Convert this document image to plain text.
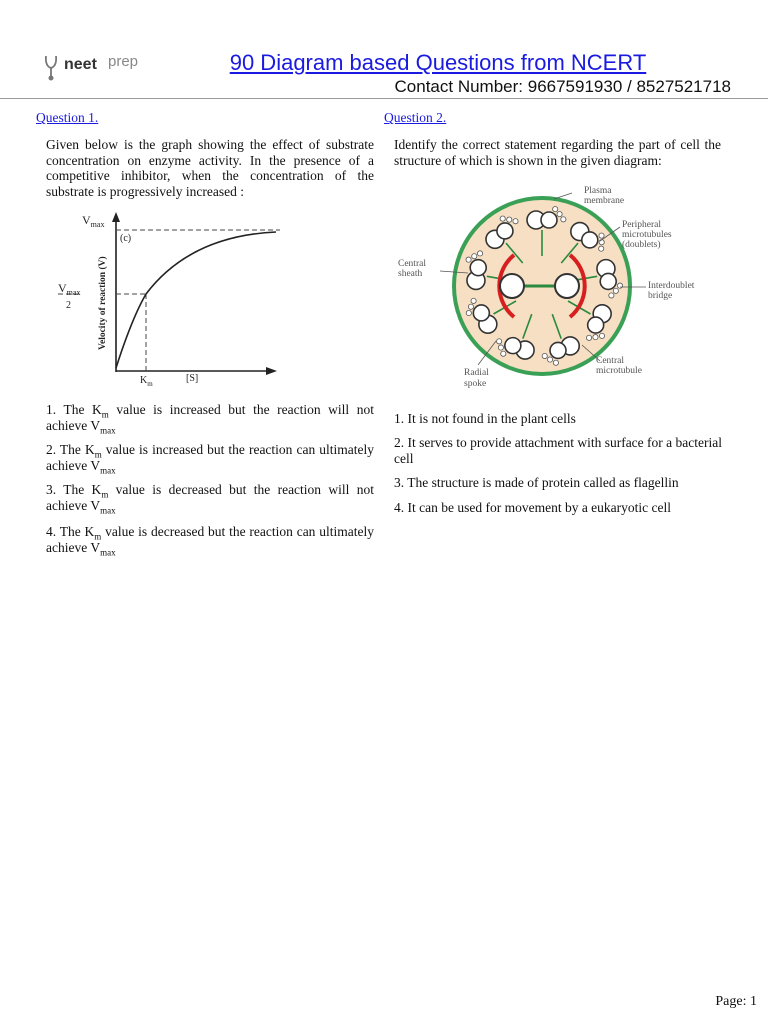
neet prep	90 Diagram based Questions from NCERT
Contact Number: 9667591930 / 8527521718
Question 1.
Given below is the graph showing the effect of substrate concentration on enzyme activity. In the presence of a competitive inhibitor, when the concentration of the substrate is progressively increased :
$V_{max}$
(c)
$V_{max}$
2	Velocity of reaction (V)
$K_m$	[S]
1. The $K_m$ value is increased but the reaction will not achieve $V_{max}$
2. The $K_m$ value is increased but the reaction can ultimately achieve $V_{max}$
3. The $K_m$ value is decreased but the reaction will not achieve $V_{max}$
4. The $K_m$ value is decreased but the reaction can ultimately achieve $V_{max}$
Question 2.
Identify the correct statement regarding the part of cell the structure of which is shown in the given diagram:
Plasma membrane
Peripheral microtubules (doublets)
Central sheath
Interdoublet bridge
Central microtubule
Radial spoke
1. It is not found in the plant cells
2. It serves to provide attachment with surface for a bacterial cell
3. The structure is made of protein called as flagellin
4. It can be used for movement by a eukaryotic cell
Page: 1
